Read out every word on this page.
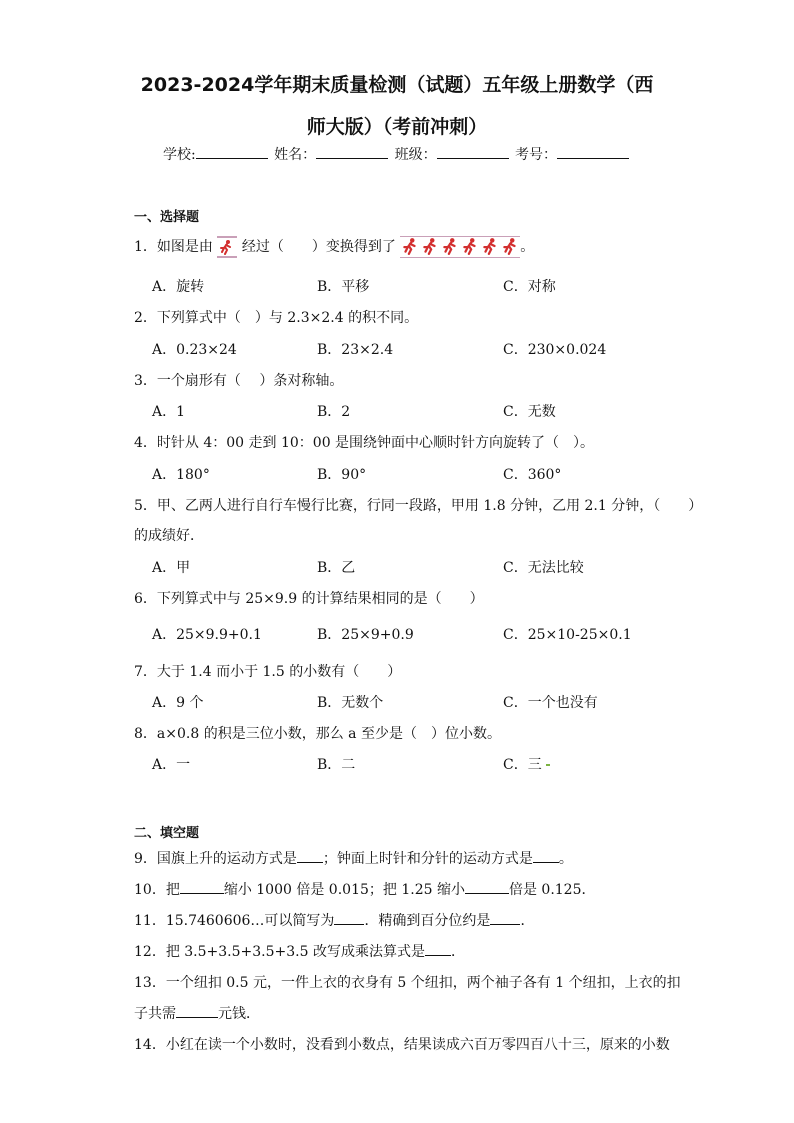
2023-2024学年期末质量检测（试题）五年级上册数学（西
师大版）（考前冲刺）
学校:	姓名：	班级：	考号：
一、选择题
1．如图是由 经过（　　）变换得到了	。
A．旋转	B．平移	C．对称
2．下列算式中（　）与 2.3×2.4 的积不同。
A．0.23×24	B．23×2.4	C．230×0.024
3．一个扇形有（　 ）条对称轴。
A．1	B．2	C．无数
4．时针从 4：00 走到 10：00 是围绕钟面中心顺时针方向旋转了（　）。
A．180°	B．90°	C．360°
5．甲、乙两人进行自行车慢行比赛，行同一段路，甲用 1.8 分钟，乙用 2.1 分钟，（　　）
的成绩好．
A．甲	B．乙	C．无法比较
6．下列算式中与 25×9.9 的计算结果相同的是（　　）
A．25×9.9+0.1	B．25×9+0.9	C．25×10-25×0.1
7．大于 1.4 而小于 1.5 的小数有（　　）
A．9 个	B．无数个	C．一个也没有
8．a×0.8 的积是三位小数，那么 a 至少是（　）位小数。
A．一	B．二	C．三
二、填空题
9．国旗上升的运动方式是 ；钟面上时针和分针的运动方式是 。
10．把	缩小 1000 倍是 0.015；把 1.25 缩小	倍是 0.125．
11．15.7460606…可以简写为 ．精确到百分位约是 ．
12．把 3.5+3.5+3.5+3.5 改写成乘法算式是 ．
13．一个纽扣 0.5 元，一件上衣的衣身有 5 个纽扣，两个袖子各有 1 个纽扣，上衣的扣
子共需	元钱．
14．小红在读一个小数时，没看到小数点，结果读成六百万零四百八十三，原来的小数
